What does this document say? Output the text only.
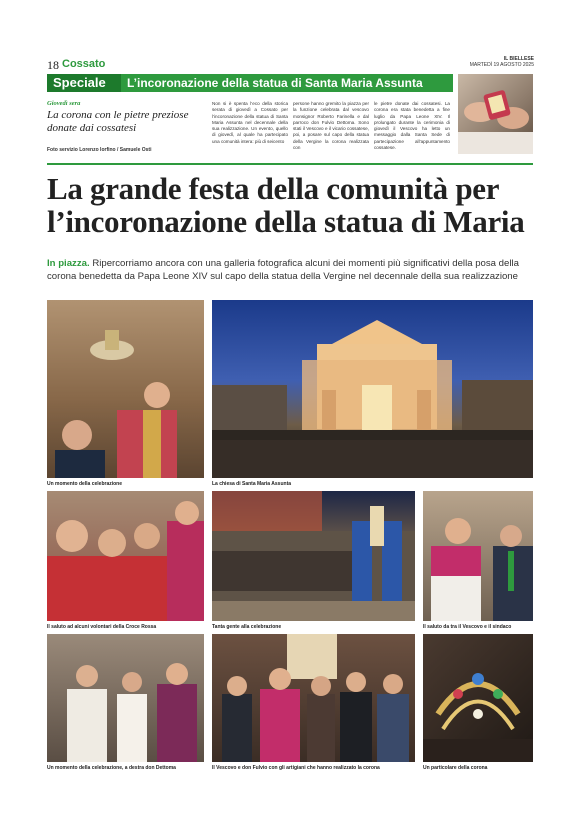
18 Cossato	IL BIELLESE
MARTEDÌ 19 AGOSTO 2025
Speciale	L’incoronazione della statua di Santa Maria Assunta
Giovedì sera
La corona con le pietre preziose donate dai cossatesi
Foto servizio Lorenzo Iorfino / Samuele Osti
Non si è spenta l’eco della storica serata di giovedì a Cossato per l’incoronazione della statua di Santa Maria Assunta nel decennale della sua realizzazione. Un evento, quello di giovedì, al quale ha partecipato una comunità intera: più di seicento
persone hanno gremito la piazza per la funzione celebrata dal vescovo monsignor Roberto Farinella e dal parroco don Fulvio Dettoma. Sono stati il Vescovo e il vicario cossatese, poi, a posare sul capo della statua della Vergine la corona realizzata con
le pietre donate dai cossatesi. La corona era stata benedetta a fine luglio da Papa Leone XIV. Il prolungato durante la cerimonia di giovedì il Vescovo ha letto un messaggio dalla Santa Sede di partecipazione all’appuntamento cossatese.
La grande festa della comunità per l’incoronazione della statua di Maria
In piazza. Ripercorriamo ancora con una galleria fotografica alcuni dei momenti più significativi della posa della corona benedetta da Papa Leone XIV sul capo della statua della Vergine nel decennale della sua realizzazione
Un momento della celebrazione	La chiesa di Santa Maria Assunta
Il saluto ad alcuni volontari della Croce Rossa	Tanta gente alla celebrazione	Il saluto da tra il Vescovo e il sindaco
Un momento della celebrazione, a destra don Dettoma	Il Vescovo e don Fulvio con gli artigiani che hanno realizzato la corona	Un particolare della corona
